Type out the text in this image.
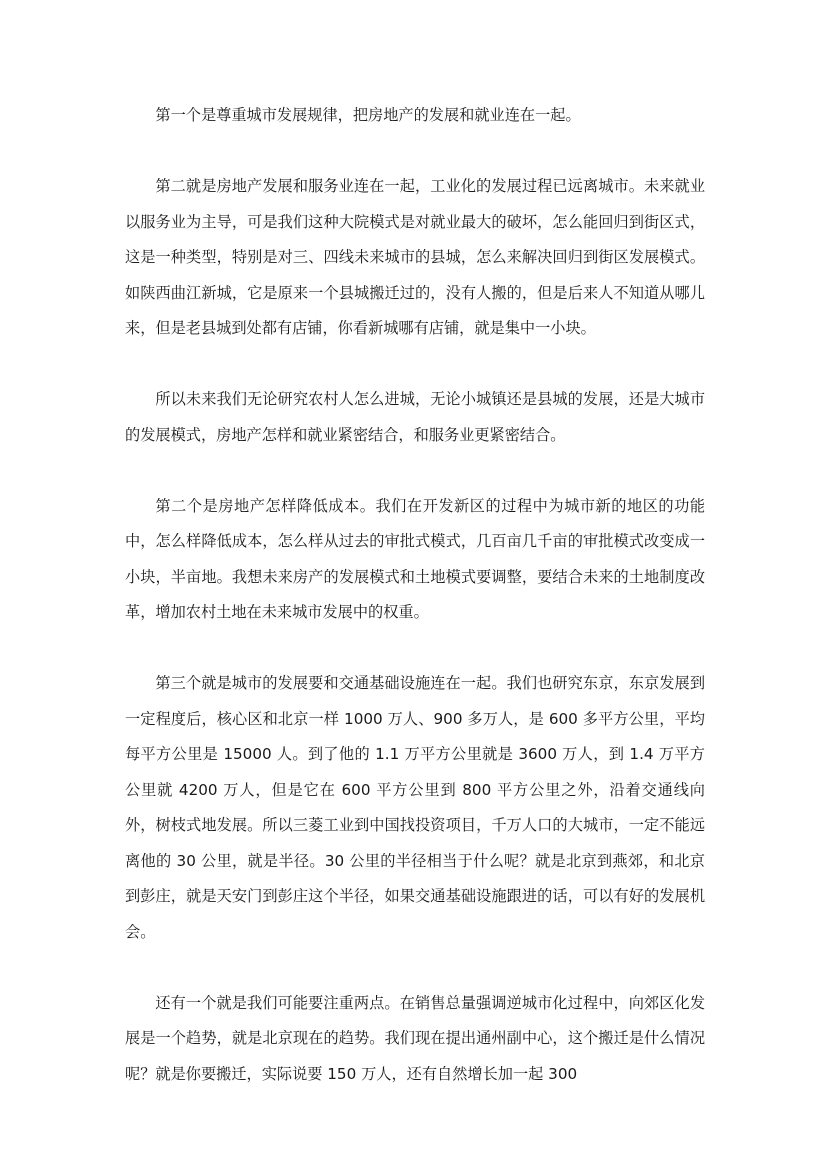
第一个是尊重城市发展规律，把房地产的发展和就业连在一起。

第二就是房地产发展和服务业连在一起，工业化的发展过程已远离城市。未来就业以服务业为主导，可是我们这种大院模式是对就业最大的破坏，怎么能回归到街区式，这是一种类型，特别是对三、四线未来城市的县城，怎么来解决回归到街区发展模式。如陕西曲江新城，它是原来一个县城搬迁过的，没有人搬的，但是后来人不知道从哪儿来，但是老县城到处都有店铺，你看新城哪有店铺，就是集中一小块。

所以未来我们无论研究农村人怎么进城，无论小城镇还是县城的发展，还是大城市的发展模式，房地产怎样和就业紧密结合，和服务业更紧密结合。

第二个是房地产怎样降低成本。我们在开发新区的过程中为城市新的地区的功能中，怎么样降低成本，怎么样从过去的审批式模式，几百亩几千亩的审批模式改变成一小块，半亩地。我想未来房产的发展模式和土地模式要调整，要结合未来的土地制度改革，增加农村土地在未来城市发展中的权重。

第三个就是城市的发展要和交通基础设施连在一起。我们也研究东京，东京发展到一定程度后，核心区和北京一样 1000 万人、900 多万人，是 600 多平方公里，平均每平方公里是 15000 人。到了他的 1.1 万平方公里就是 3600 万人，到 1.4 万平方公里就 4200 万人，但是它在 600 平方公里到 800 平方公里之外，沿着交通线向外，树枝式地发展。所以三菱工业到中国找投资项目，千万人口的大城市，一定不能远离他的 30 公里，就是半径。30 公里的半径相当于什么呢？就是北京到燕郊，和北京到彭庄，就是天安门到彭庄这个半径，如果交通基础设施跟进的话，可以有好的发展机会。

还有一个就是我们可能要注重两点。在销售总量强调逆城市化过程中，向郊区化发展是一个趋势，就是北京现在的趋势。我们现在提出通州副中心，这个搬迁是什么情况呢？就是你要搬迁，实际说要 150 万人，还有自然增长加一起 300
